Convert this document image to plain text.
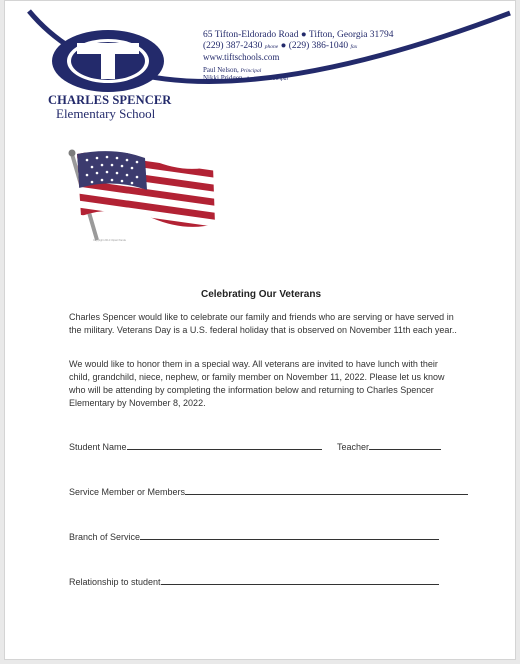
CHARLES SPENCER
Elementary School
65 Tifton-Eldorado Road ● Tifton, Georgia 31794
(229) 387-2430 phone ● (229) 386-1040 fax
www.tiftschools.com
Paul Nelson, Principal
Nikki Pridgen, Assistant Principal
Copyright 2012 Clipart Panda
Celebrating Our Veterans

Charles Spencer would like to celebrate our family and friends who are serving or have served in the military. Veterans Day is a U.S. federal holiday that is observed on November 11th each year..

We would like to honor them in a special way. All veterans are invited to have lunch with their child, grandchild, niece, nephew, or family member on November 11, 2022. Please let us know who will be attending by completing the information below and returning to Charles Spencer Elementary by November 8, 2022.

Student Name	Teacher
Service Member or Members
Branch of Service
Relationship to student
